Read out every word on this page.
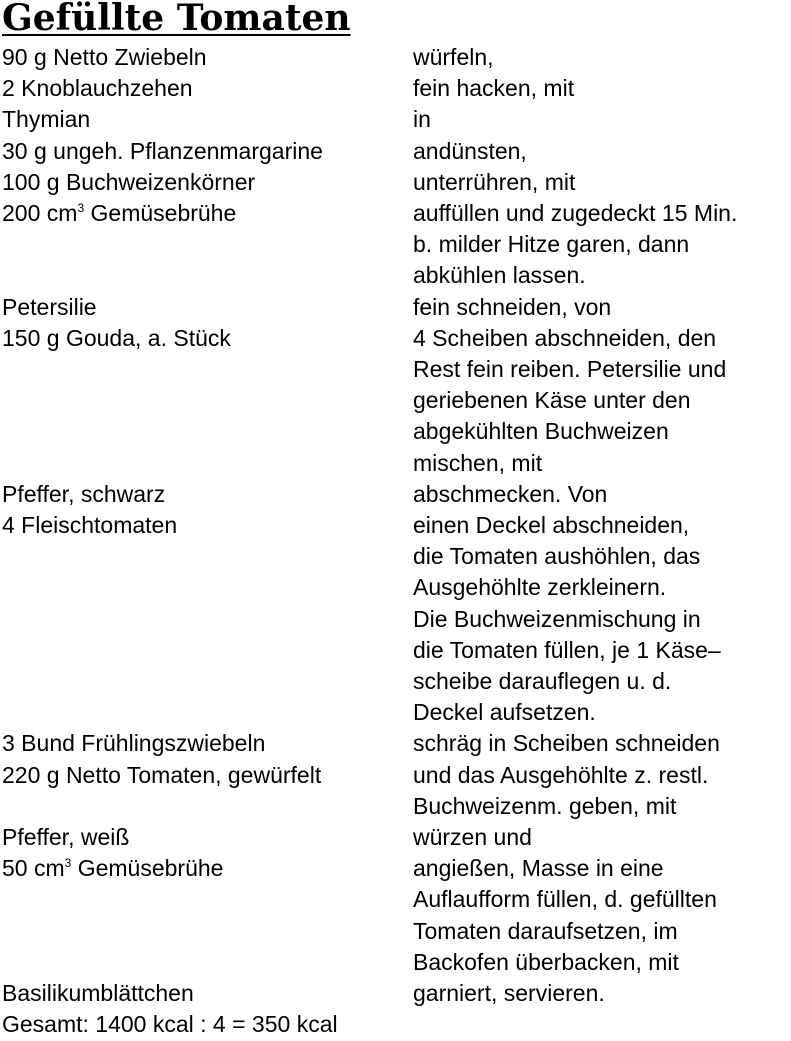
Gefüllte Tomaten
90 g Netto Zwiebeln	würfeln,
2 Knoblauchzehen	fein hacken, mit
Thymian	in
30 g ungeh. Pflanzenmargarine	andünsten,
100 g Buchweizenkörner	unterrühren, mit
200 $cm^3$ Gemüsebrühe	auffüllen und zugedeckt 15 Min.
b. milder Hitze garen, dann
abkühlen lassen.
Petersilie	fein schneiden, von
150 g Gouda, a. Stück	4 Scheiben abschneiden, den
Rest fein reiben. Petersilie und
geriebenen Käse unter den
abgekühlten Buchweizen
mischen, mit
Pfeffer, schwarz	abschmecken. Von
4 Fleischtomaten	einen Deckel abschneiden,
die Tomaten aushöhlen, das
Ausgehöhlte zerkleinern.
Die Buchweizenmischung in
die Tomaten füllen, je 1 Käse–
scheibe darauflegen u. d.
Deckel aufsetzen.
3 Bund Frühlingszwiebeln	schräg in Scheiben schneiden
220 g Netto Tomaten, gewürfelt	und das Ausgehöhlte z. restl.
Buchweizenm. geben, mit
Pfeffer, weiß	würzen und
50 $cm^3$ Gemüsebrühe	angießen, Masse in eine
Auflaufform füllen, d. gefüllten
Tomaten daraufsetzen, im
Backofen überbacken, mit
Basilikumblättchen	garniert, servieren.
Gesamt: 1400 kcal : 4 = 350 kcal
